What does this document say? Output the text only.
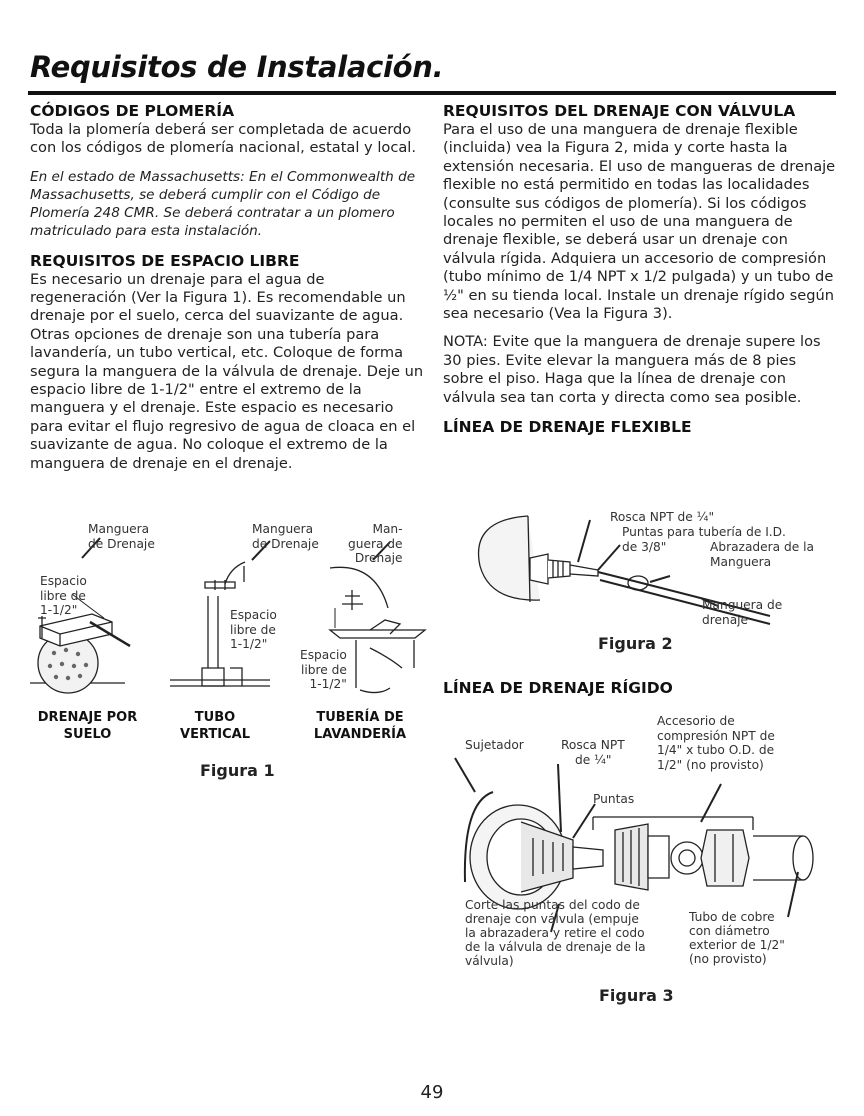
Requisitos de Instalación.
CÓDIGOS DE PLOMERÍA

Toda la plomería deberá ser completada de acuerdo con los códigos de plomería nacional, estatal y local.

En el estado de Massachusetts: En el Commonwealth de Massachusetts, se deberá cumplir con el Código de Plomería 248 CMR. Se deberá contratar a un plomero matriculado para esta instalación.

REQUISITOS DE ESPACIO LIBRE

Es necesario un drenaje para el agua de regeneración (Ver la Figura 1). Es recomendable un drenaje por el suelo, cerca del suavizante de agua. Otras opciones de drenaje son una tubería para lavandería, un tubo vertical, etc. Coloque de forma segura la manguera de la válvula de drenaje. Deje un espacio libre de 1-1/2" entre el extremo de la manguera y el drenaje. Este espacio es necesario para evitar el flujo regresivo de agua de cloaca en el suavizante de agua. No coloque el extremo de la manguera de drenaje en el drenaje.

Manguera
de Drenaje
Espacio
libre de
1-1/2"
Manguera
de Drenaje
Espacio
libre de
1-1/2"
Man-
guera de
Drenaje
Espacio
libre de
1-1/2"
DRENAJE POR
SUELO
TUBO
VERTICAL
TUBERÍA DE
LAVANDERÍA
Figura 1
REQUISITOS DEL DRENAJE CON VÁLVULA

Para el uso de una manguera de drenaje flexible (incluida) vea la Figura 2, mida y corte hasta la extensión necesaria. El uso de mangueras de drenaje flexible no está permitido en todas las localidades (consulte sus códigos de plomería). Si los códigos locales no permiten el uso de una manguera de drenaje flexible, se deberá usar un drenaje con válvula rígida. Adquiera un accesorio de compresión (tubo mínimo de 1/4 NPT x 1/2 pulgada) y un tubo de ½" en su tienda local. Instale un drenaje rígido según sea necesario (Vea la Figura 3).

NOTA: Evite que la manguera de drenaje supere los 30 pies. Evite elevar la manguera más de 8 pies sobre el piso. Haga que la línea de drenaje con válvula sea tan corta y directa como sea posible.

LÍNEA DE DRENAJE FLEXIBLE
Rosca NPT de ¼"
Puntas para tubería de I.D.
de 3/8"	Abrazadera de la
Manguera
Manguera de
drenaje
Figura 2
LÍNEA DE DRENAJE RÍGIDO
Sujetador	Rosca NPT
de ¼"
Accesorio de
compresión NPT de
1/4" x tubo O.D. de
1/2" (no provisto)
Puntas
Corte las puntas del codo de
drenaje con válvula (empuje
la abrazadera y retire el codo
de la válvula de drenaje de la
válvula)
Tubo de cobre
con diámetro
exterior de 1/2"
(no provisto)
Figura 3
49
